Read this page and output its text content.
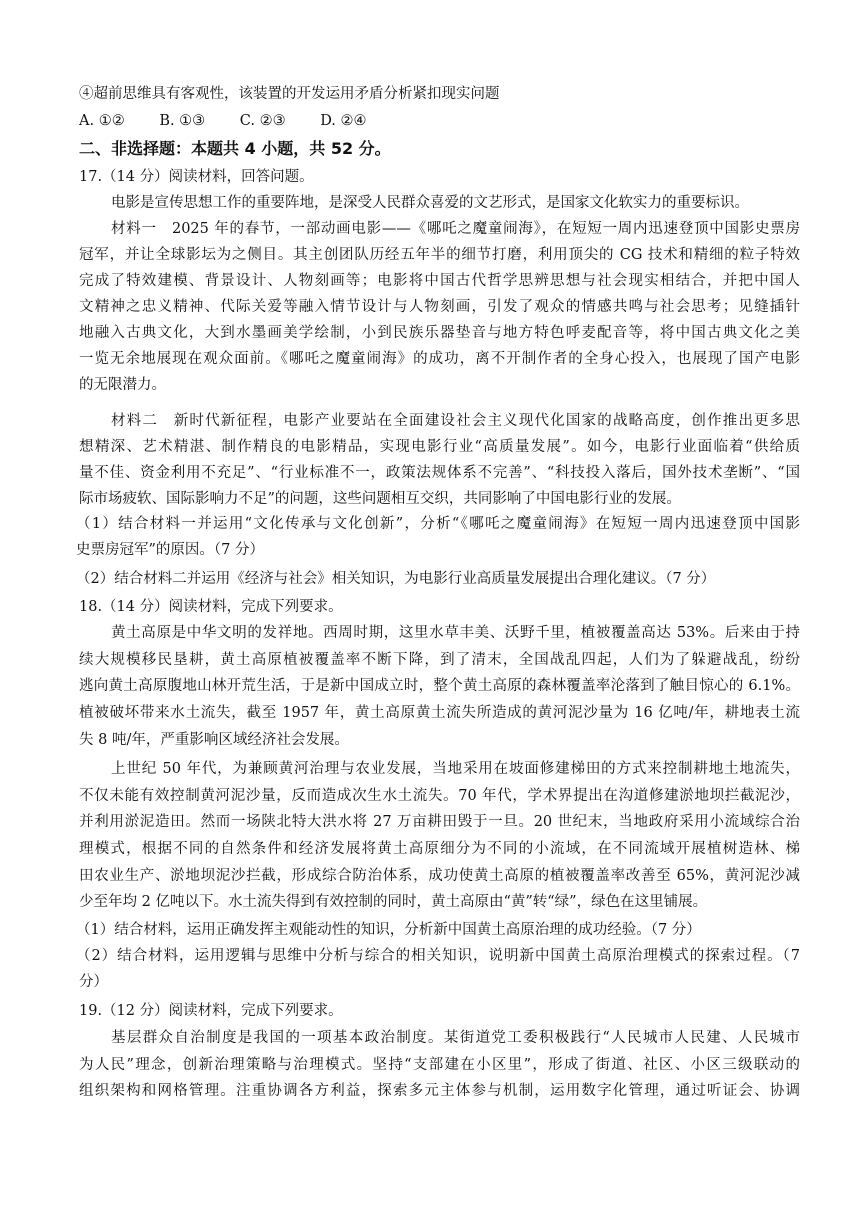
④超前思维具有客观性，该装置的开发运用矛盾分析紧扣现实问题
A. ①② B. ①③ C. ②③ D. ②④
二、非选择题：本题共 4 小题，共 52 分。
17.（14 分）阅读材料，回答问题。
电影是宣传思想工作的重要阵地，是深受人民群众喜爱的文艺形式，是国家文化软实力的重要标识。
材料一　2025 年的春节，一部动画电影——《哪吒之魔童闹海》，在短短一周内迅速登顶中国影史票房
冠军，并让全球影坛为之侧目。其主创团队历经五年半的细节打磨，利用顶尖的 CG 技术和精细的粒子特效
完成了特效建模、背景设计、人物刻画等；电影将中国古代哲学思辨思想与社会现实相结合，并把中国人
文精神之忠义精神、代际关爱等融入情节设计与人物刻画，引发了观众的情感共鸣与社会思考；见缝插针
地融入古典文化，大到水墨画美学绘制，小到民族乐器垫音与地方特色呼麦配音等，将中国古典文化之美
一览无余地展现在观众面前。《哪吒之魔童闹海》的成功，离不开制作者的全身心投入，也展现了国产电影
的无限潜力。
材料二　新时代新征程，电影产业要站在全面建设社会主义现代化国家的战略高度，创作推出更多思
想精深、艺术精湛、制作精良的电影精品，实现电影行业“高质量发展”。如今，电影行业面临着“供给质
量不佳、资金利用不充足”、“行业标准不一，政策法规体系不完善”、“科技投入落后，国外技术垄断”、“国
际市场疲软、国际影响力不足”的问题，这些问题相互交织，共同影响了中国电影行业的发展。
（1）结合材料一并运用“文化传承与文化创新”，分析“《哪吒之魔童闹海》在短短一周内迅速登顶中国影
史票房冠军”的原因。（7 分）
（2）结合材料二并运用《经济与社会》相关知识，为电影行业高质量发展提出合理化建议。（7 分）
18.（14 分）阅读材料，完成下列要求。
黄土高原是中华文明的发祥地。西周时期，这里水草丰美、沃野千里，植被覆盖高达 53%。后来由于持
续大规模移民垦耕，黄土高原植被覆盖率不断下降，到了清末，全国战乱四起，人们为了躲避战乱，纷纷
逃向黄土高原腹地山林开荒生活，于是新中国成立时，整个黄土高原的森林覆盖率沦落到了触目惊心的 6.1%。
植被破坏带来水土流失，截至 1957 年，黄土高原黄土流失所造成的黄河泥沙量为 16 亿吨/年，耕地表土流
失 8 吨/年，严重影响区域经济社会发展。
上世纪 50 年代，为兼顾黄河治理与农业发展，当地采用在坡面修建梯田的方式来控制耕地土地流失，
不仅未能有效控制黄河泥沙量，反而造成次生水土流失。70 年代，学术界提出在沟道修建淤地坝拦截泥沙，
并利用淤泥造田。然而一场陕北特大洪水将 27 万亩耕田毁于一旦。20 世纪末，当地政府采用小流域综合治
理模式，根据不同的自然条件和经济发展将黄土高原细分为不同的小流域，在不同流域开展植树造林、梯
田农业生产、淤地坝泥沙拦截，形成综合防治体系，成功使黄土高原的植被覆盖率改善至 65%，黄河泥沙减
少至年均 2 亿吨以下。水土流失得到有效控制的同时，黄土高原由“黄”转“绿”，绿色在这里铺展。
（1）结合材料，运用正确发挥主观能动性的知识，分析新中国黄土高原治理的成功经验。（7 分）
（2）结合材料，运用逻辑与思维中分析与综合的相关知识，说明新中国黄土高原治理模式的探索过程。（7
分）
19.（12 分）阅读材料，完成下列要求。
基层群众自治制度是我国的一项基本政治制度。某街道党工委积极践行“人民城市人民建、人民城市
为人民”理念，创新治理策略与治理模式。坚持“支部建在小区里”，形成了街道、社区、小区三级联动的
组织架构和网格管理。注重协调各方利益，探索多元主体参与机制，运用数字化管理，通过听证会、协调
